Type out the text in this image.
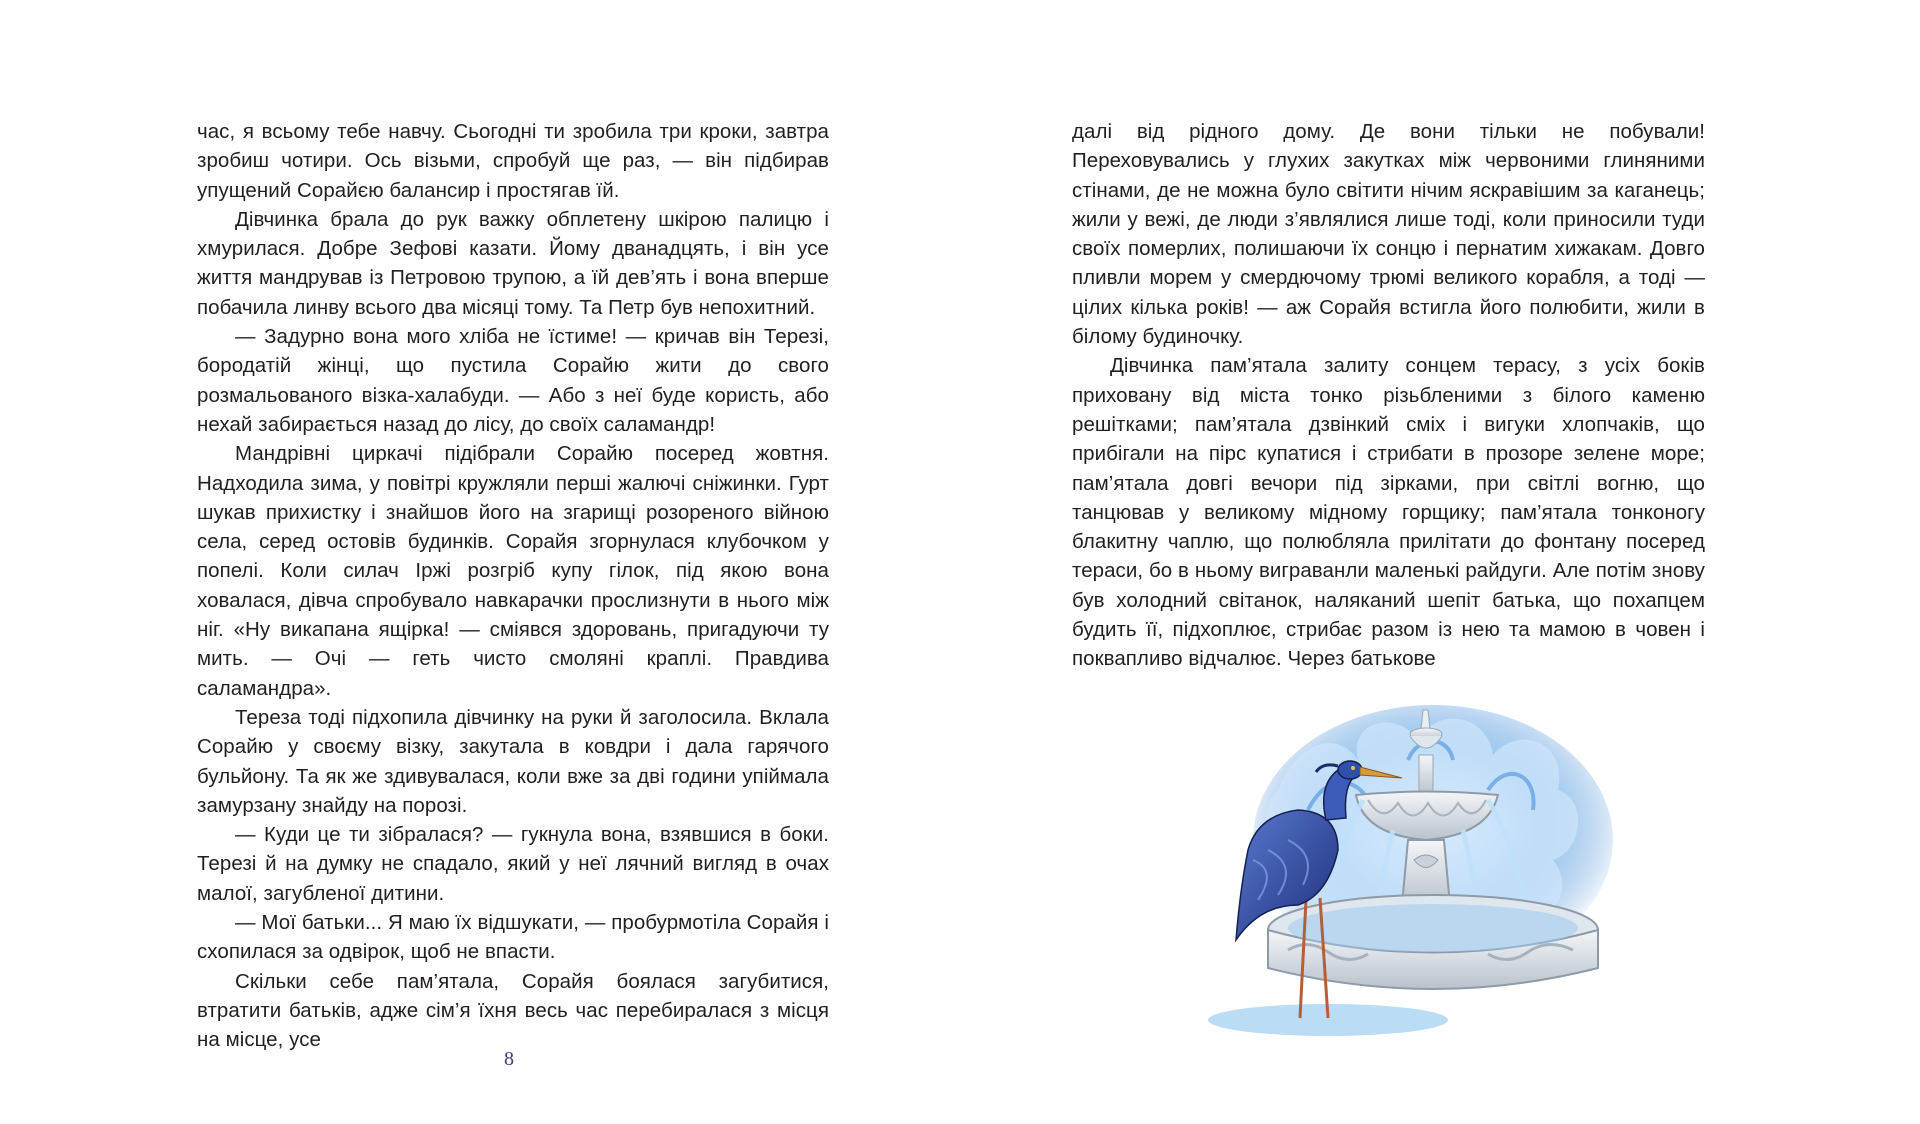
час, я всьому тебе навчу. Сьогодні ти зробила три кроки, завтра зробиш чотири. Ось візьми, спробуй ще раз, — він підбирав упущений Сорайєю балансир і простягав їй.

Дівчинка брала до рук важку обплетену шкірою палицю і хмурилася. Добре Зефові казати. Йому дванадцять, і він усе життя мандрував із Петровою трупою, а їй дев’ять і вона вперше побачила линву всього два місяці тому. Та Петр був непохитний.

— Задурно вона мого хліба не їстиме! — кричав він Терезі, бородатій жінці, що пустила Сорайю жити до свого розмальованого візка-халабуди. — Або з неї буде користь, або нехай забирається назад до лісу, до своїх саламандр!

Мандрівні циркачі підібрали Сорайю посеред жовтня. Надходила зима, у повітрі кружляли перші жалючі сніжинки. Гурт шукав прихистку і знайшов його на згарищі розореного війною села, серед остовів будинків. Сорайя згорнулася клубочком у попелі. Коли силач Іржі розгріб купу гілок, під якою вона ховалася, дівча спробувало навкарачки прослизнути в нього між ніг. «Ну викапана ящірка! — сміявся здоровань, пригадуючи ту мить. — Очі — геть чисто смоляні краплі. Правдива саламандра».

Тереза тоді підхопила дівчинку на руки й заголосила. Вклала Сорайю у своєму візку, закутала в ковдри і дала гарячого бульйону. Та як же здивувалася, коли вже за дві години упіймала замурзану знайду на порозі.

— Куди це ти зібралася? — гукнула вона, взявшися в боки. Терезі й на думку не спадало, який у неї лячний вигляд в очах малої, загубленої дитини.

— Мої батьки... Я маю їх відшукати, — пробурмотіла Сорайя і схопилася за одвірок, щоб не впасти.

Скільки себе пам’ятала, Сорайя боялася загубитися, втратити батьків, адже сім’я їхня весь час перебиралася з місця на місце, усе

8

далі від рідного дому. Де вони тільки не побували! Переховувались у глухих закутках між червоними глиняними стінами, де не можна було світити нічим яскравішим за каганець; жили у вежі, де люди з’являлися лише тоді, коли приносили туди своїх померлих, полишаючи їх сонцю і пернатим хижакам. Довго пливли морем у смердючому трюмі великого корабля, а тоді — цілих кілька років! — аж Сорайя встигла його полюбити, жили в білому будиночку.

Дівчинка пам’ятала залиту сонцем терасу, з усіх боків приховану від міста тонко різьбленими з білого каменю решітками; пам’ятала дзвінкий сміх і вигуки хлопчаків, що прибігали на пірс купатися і стрибати в прозоре зелене море; пам’ятала довгі вечори під зірками, при світлі вогню, що танцював у великому мідному горщику; пам’ятала тонконогу блакитну чаплю, що полюбляла прилітати до фонтану посеред тераси, бо в ньому виграванли маленькі райдуги. Але потім знову був холодний світанок, наляканий шепіт батька, що похапцем будить її, підхоплює, стрибає разом із нею та мамою в човен і поквапливо відчалює. Через батькове
